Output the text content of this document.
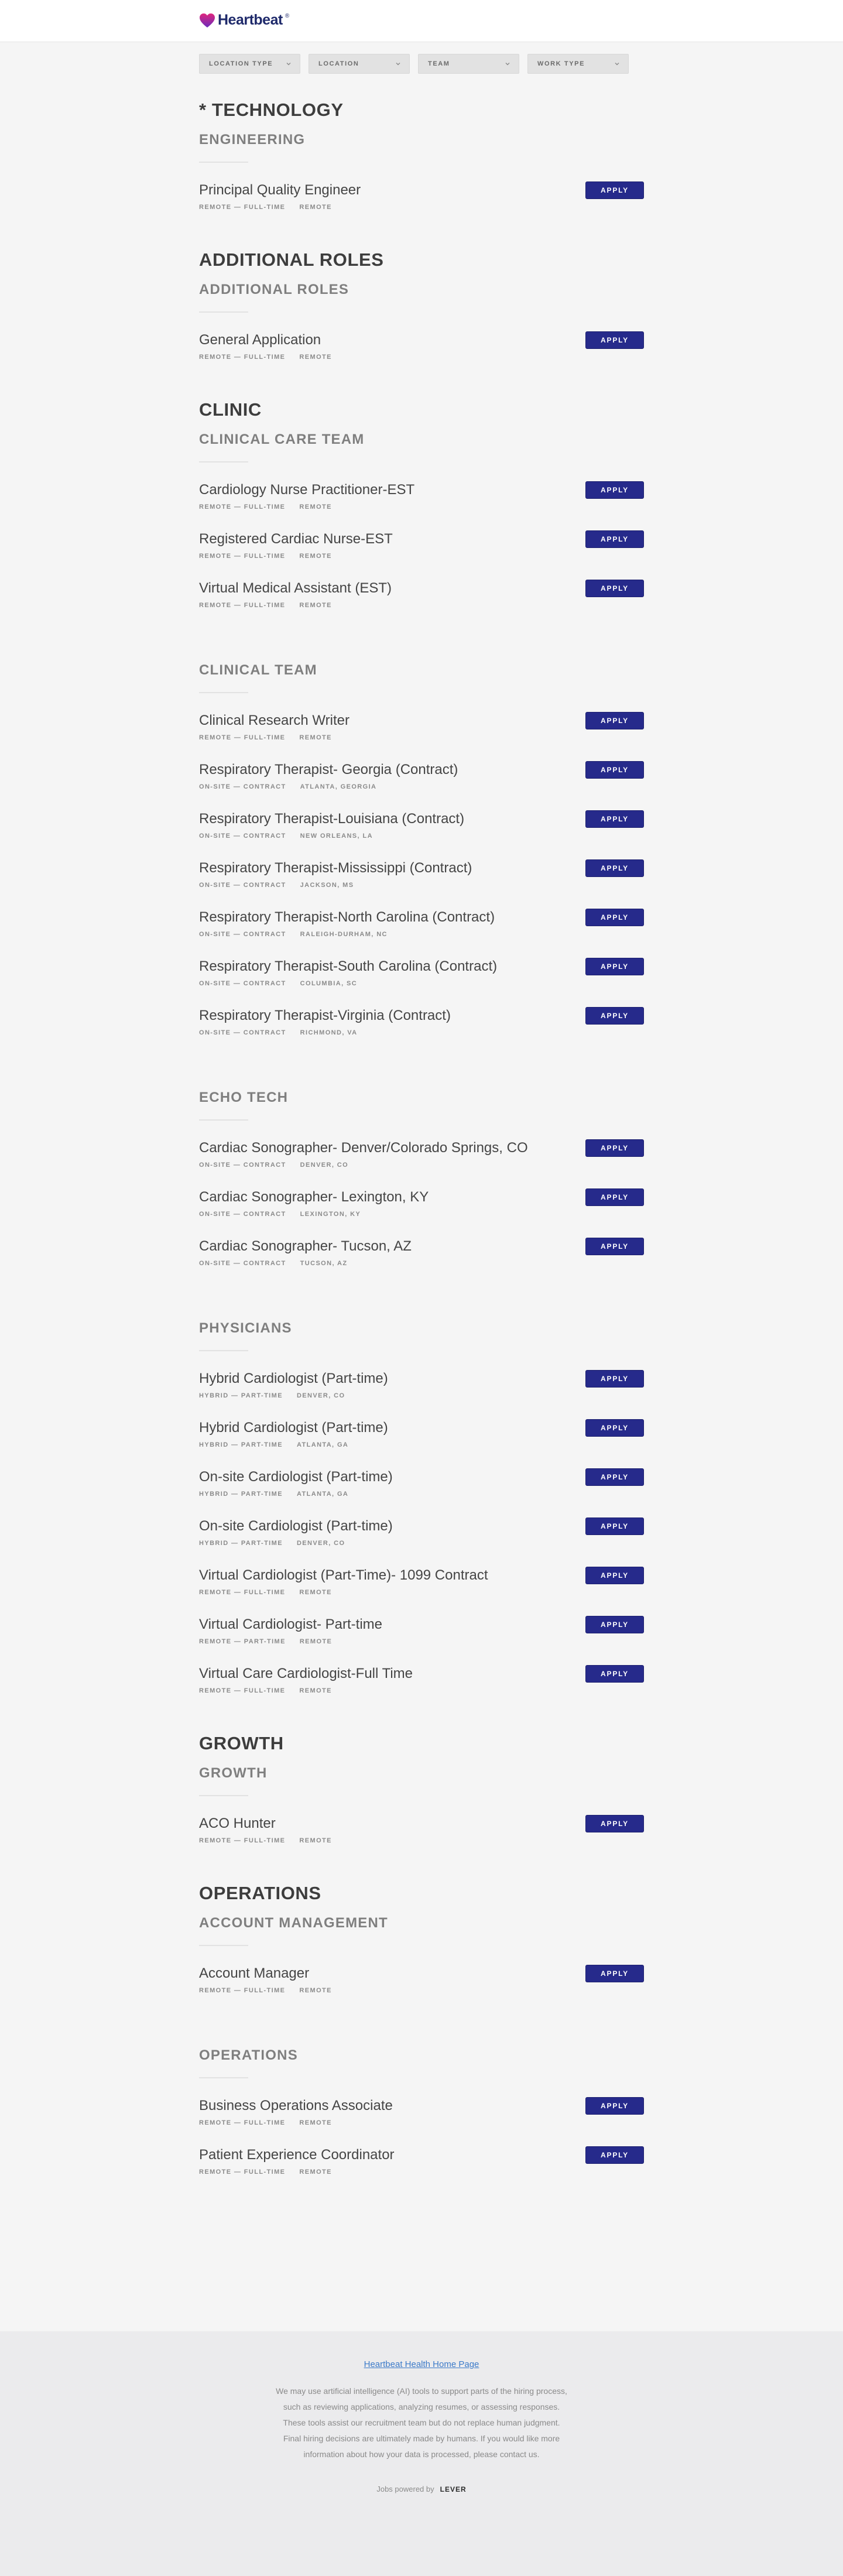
Heartbeat ®
LOCATION TYPE	LOCATION	TEAM	WORK TYPE
* TECHNOLOGY
ENGINEERING
Principal Quality Engineer
REMOTE — FULL-TIME REMOTE
APPLY
ADDITIONAL ROLES
ADDITIONAL ROLES
General Application
REMOTE — FULL-TIME REMOTE
APPLY
CLINIC
CLINICAL CARE TEAM
Cardiology Nurse Practitioner-EST
REMOTE — FULL-TIME REMOTE
APPLY
Registered Cardiac Nurse-EST
REMOTE — FULL-TIME REMOTE
APPLY
Virtual Medical Assistant (EST)
REMOTE — FULL-TIME REMOTE
APPLY
CLINICAL TEAM
Clinical Research Writer
REMOTE — FULL-TIME REMOTE
APPLY
Respiratory Therapist- Georgia (Contract)
ON-SITE — CONTRACT ATLANTA, GEORGIA
APPLY
Respiratory Therapist-Louisiana (Contract)
ON-SITE — CONTRACT NEW ORLEANS, LA
APPLY
Respiratory Therapist-Mississippi (Contract)
ON-SITE — CONTRACT JACKSON, MS
APPLY
Respiratory Therapist-North Carolina (Contract)
ON-SITE — CONTRACT RALEIGH-DURHAM, NC
APPLY
Respiratory Therapist-South Carolina (Contract)
ON-SITE — CONTRACT COLUMBIA, SC
APPLY
Respiratory Therapist-Virginia (Contract)
ON-SITE — CONTRACT RICHMOND, VA
APPLY
ECHO TECH
Cardiac Sonographer- Denver/Colorado Springs, CO
ON-SITE — CONTRACT DENVER, CO
APPLY
Cardiac Sonographer- Lexington, KY
ON-SITE — CONTRACT LEXINGTON, KY
APPLY
Cardiac Sonographer- Tucson, AZ
ON-SITE — CONTRACT TUCSON, AZ
APPLY
PHYSICIANS
Hybrid Cardiologist (Part-time)
HYBRID — PART-TIME DENVER, CO
APPLY
Hybrid Cardiologist (Part-time)
HYBRID — PART-TIME ATLANTA, GA
APPLY
On-site Cardiologist (Part-time)
HYBRID — PART-TIME ATLANTA, GA
APPLY
On-site Cardiologist (Part-time)
HYBRID — PART-TIME DENVER, CO
APPLY
Virtual Cardiologist (Part-Time)- 1099 Contract
REMOTE — FULL-TIME REMOTE
APPLY
Virtual Cardiologist- Part-time
REMOTE — PART-TIME REMOTE
APPLY
Virtual Care Cardiologist-Full Time
REMOTE — FULL-TIME REMOTE
APPLY
GROWTH
GROWTH
ACO Hunter
REMOTE — FULL-TIME REMOTE
APPLY
OPERATIONS
ACCOUNT MANAGEMENT
Account Manager
REMOTE — FULL-TIME REMOTE
APPLY
OPERATIONS
Business Operations Associate
REMOTE — FULL-TIME REMOTE
APPLY
Patient Experience Coordinator
REMOTE — FULL-TIME REMOTE
APPLY
Heartbeat Health Home Page

We may use artificial intelligence (AI) tools to support parts of the hiring process, such as reviewing applications, analyzing resumes, or assessing responses. These tools assist our recruitment team but do not replace human judgment. Final hiring decisions are ultimately made by humans. If you would like more information about how your data is processed, please contact us.

Jobs powered by LEVER
